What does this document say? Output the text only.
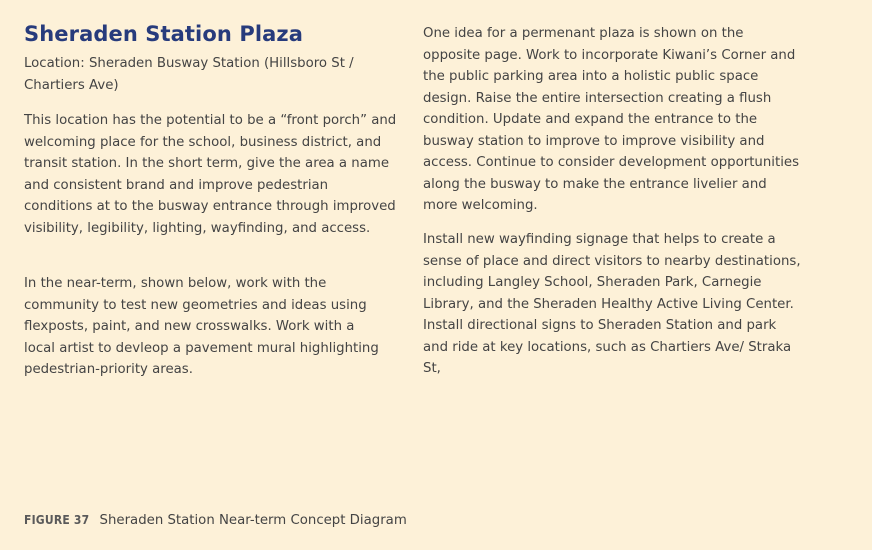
Sheraden Station Plaza
Location: Sheraden Busway Station (Hillsboro St / Chartiers Ave)
This location has the potential to be a “front porch” and welcoming place for the school, business district, and transit station. In the short term, give the area a name and consistent brand and improve pedestrian conditions at to the busway entrance through improved visibility, legibility, lighting, wayfinding, and access.
In the near-term, shown below, work with the community to test new geometries and ideas using flexposts, paint, and new crosswalks. Work with a local artist to devleop a pavement mural highlighting pedestrian-priority areas.
One idea for a permenant plaza is shown on the opposite page. Work to incorporate Kiwani’s Corner and the public parking area into a holistic public space design. Raise the entire intersection creating a flush condition. Update and expand the entrance to the busway station to improve to improve visibility and access. Continue to consider development opportunities along the busway to make the entrance livelier and more welcoming.
Install new wayfinding signage that helps to create a sense of place and direct visitors to nearby destinations, including Langley School, Sheraden Park, Carnegie Library, and the Sheraden Healthy Active Living Center. Install directional signs to Sheraden Station and park and ride at key locations, such as Chartiers Ave/ Straka St,
FIGURE 37 Sheraden Station Near-term Concept Diagram
